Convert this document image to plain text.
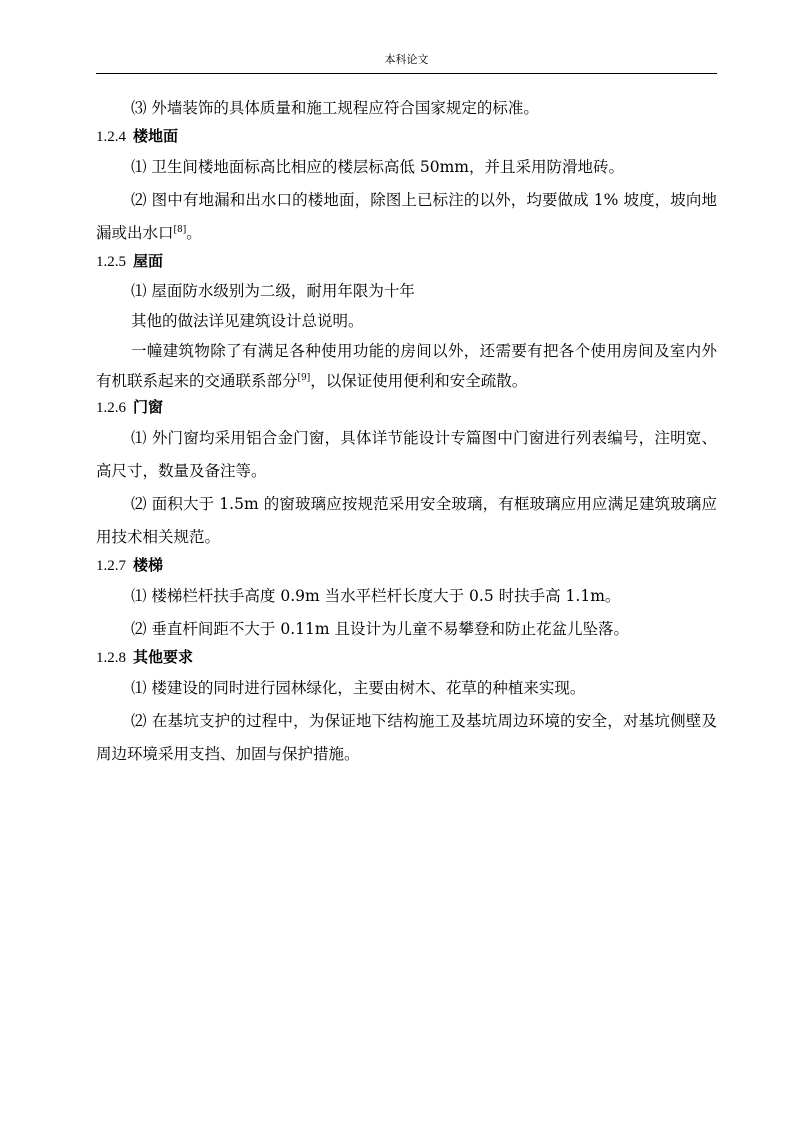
本科论文

⑶ 外墙装饰的具体质量和施工规程应符合国家规定的标准。

1.2.4 楼地面

⑴ 卫生间楼地面标高比相应的楼层标高低 50mm，并且采用防滑地砖。

⑵ 图中有地漏和出水口的楼地面，除图上已标注的以外，均要做成 1% 坡度，坡向地漏或出水口[8]。

1.2.5 屋面

⑴ 屋面防水级别为二级，耐用年限为十年

其他的做法详见建筑设计总说明。

一幢建筑物除了有满足各种使用功能的房间以外，还需要有把各个使用房间及室内外有机联系起来的交通联系部分[9]，以保证使用便利和安全疏散。

1.2.6 门窗

⑴ 外门窗均采用铝合金门窗，具体详节能设计专篇图中门窗进行列表编号，注明宽、高尺寸，数量及备注等。

⑵ 面积大于 1.5m 的窗玻璃应按规范采用安全玻璃，有框玻璃应用应满足建筑玻璃应用技术相关规范。

1.2.7 楼梯

⑴ 楼梯栏杆扶手高度 0.9m 当水平栏杆长度大于 0.5 时扶手高 1.1m。

⑵ 垂直杆间距不大于 0.11m 且设计为儿童不易攀登和防止花盆儿坠落。

1.2.8 其他要求

⑴ 楼建设的同时进行园林绿化，主要由树木、花草的种植来实现。

⑵ 在基坑支护的过程中，为保证地下结构施工及基坑周边环境的安全，对基坑侧壁及周边环境采用支挡、加固与保护措施。
